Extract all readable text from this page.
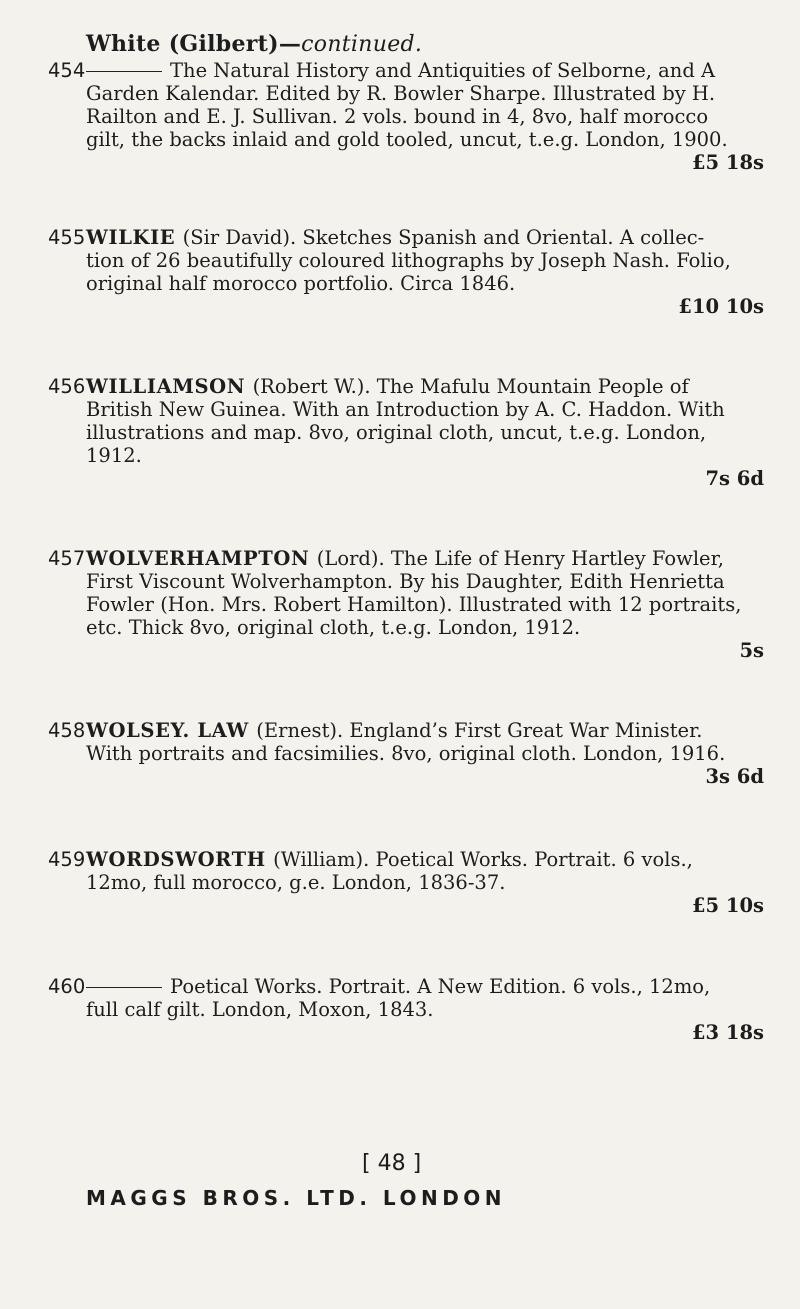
White (Gilbert)—continued.
454	The Natural History and Antiquities of Selborne, and A
Garden Kalendar. Edited by R. Bowler Sharpe. Illustrated by H.
Railton and E. J. Sullivan. 2 vols. bound in 4, 8vo, half morocco
gilt, the backs inlaid and gold tooled, uncut, t.e.g. London, 1900.
£5 18s
455WILKIE (Sir David). Sketches Spanish and Oriental. A collec-
tion of 26 beautifully coloured lithographs by Joseph Nash. Folio,
original half morocco portfolio. Circa 1846.
£10 10s
456WILLIAMSON (Robert W.). The Mafulu Mountain People of
British New Guinea. With an Introduction by A. C. Haddon. With
illustrations and map. 8vo, original cloth, uncut, t.e.g. London,
1912.
7s 6d
457WOLVERHAMPTON (Lord). The Life of Henry Hartley Fowler,
First Viscount Wolverhampton. By his Daughter, Edith Henrietta
Fowler (Hon. Mrs. Robert Hamilton). Illustrated with 12 portraits,
etc. Thick 8vo, original cloth, t.e.g. London, 1912.
5s
458WOLSEY. LAW (Ernest). England’s First Great War Minister.
With portraits and facsimilies. 8vo, original cloth. London, 1916.
3s 6d
459WORDSWORTH (William). Poetical Works. Portrait. 6 vols.,
12mo, full morocco, g.e. London, 1836-37.
£5 10s
460	Poetical Works. Portrait. A New Edition. 6 vols., 12mo,
full calf gilt. London, Moxon, 1843.
£3 18s
[ 48 ]
MAGGS BROS. LTD. LONDON
